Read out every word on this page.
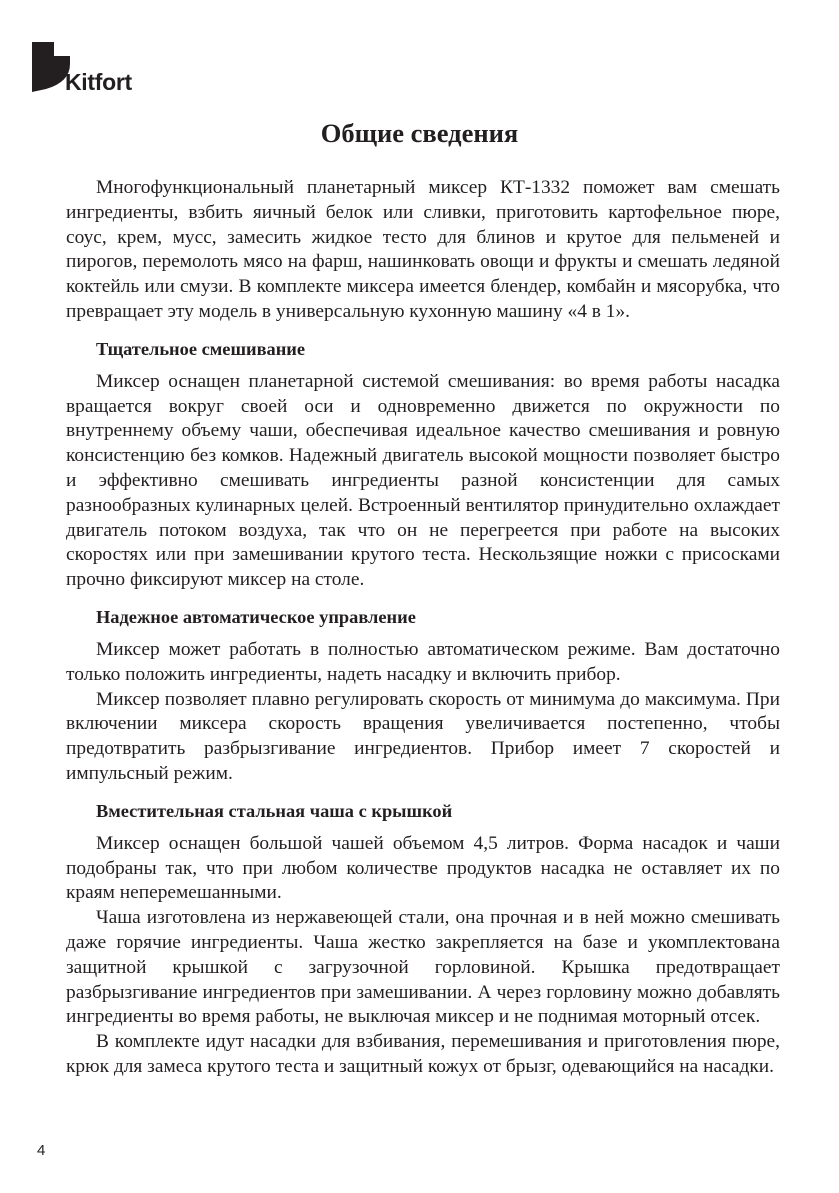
Kitfort
Общие сведения

Многофункциональный планетарный миксер КТ-1332 поможет вам смешать ингредиенты, взбить яичный белок или сливки, приготовить картофельное пюре, соус, крем, мусс, замесить жидкое тесто для блинов и крутое для пельменей и пирогов, перемолоть мясо на фарш, нашинковать овощи и фрукты и смешать ледяной коктейль или смузи. В комплекте миксера имеется блендер, комбайн и мясорубка, что превращает эту модель в универсальную кухонную машину «4 в 1».

Тщательное смешивание

Миксер оснащен планетарной системой смешивания: во время работы насадка вращается вокруг своей оси и одновременно движется по окружности по внутреннему объему чаши, обеспечивая идеальное качество смешивания и ровную консистенцию без комков. Надежный двигатель высокой мощности позволяет быстро и эффективно смешивать ингредиенты разной консистенции для самых разнообразных кулинарных целей. Встроенный вентилятор принудительно охлаждает двигатель потоком воздуха, так что он не перегреется при работе на высоких скоростях или при замешивании крутого теста. Нескользящие ножки с присосками прочно фиксируют миксер на столе.

Надежное автоматическое управление

Миксер может работать в полностью автоматическом режиме. Вам достаточно только положить ингредиенты, надеть насадку и включить прибор.

Миксер позволяет плавно регулировать скорость от минимума до максимума. При включении миксера скорость вращения увеличивается постепенно, чтобы предотвратить разбрызгивание ингредиентов. Прибор имеет 7 скоростей и импульсный режим.

Вместительная стальная чаша с крышкой

Миксер оснащен большой чашей объемом 4,5 литров. Форма насадок и чаши подобраны так, что при любом количестве продуктов насадка не оставляет их по краям неперемешанными.

Чаша изготовлена из нержавеющей стали, она прочная и в ней можно смешивать даже горячие ингредиенты. Чаша жестко закрепляется на базе и укомплектована защитной крышкой с загрузочной горловиной. Крышка предотвращает разбрызгивание ингредиентов при замешивании. А через горловину можно добавлять ингредиенты во время работы, не выключая миксер и не поднимая моторный отсек.

В комплекте идут насадки для взбивания, перемешивания и приготовления пюре, крюк для замеса крутого теста и защитный кожух от брызг, одевающийся на насадки.

4
